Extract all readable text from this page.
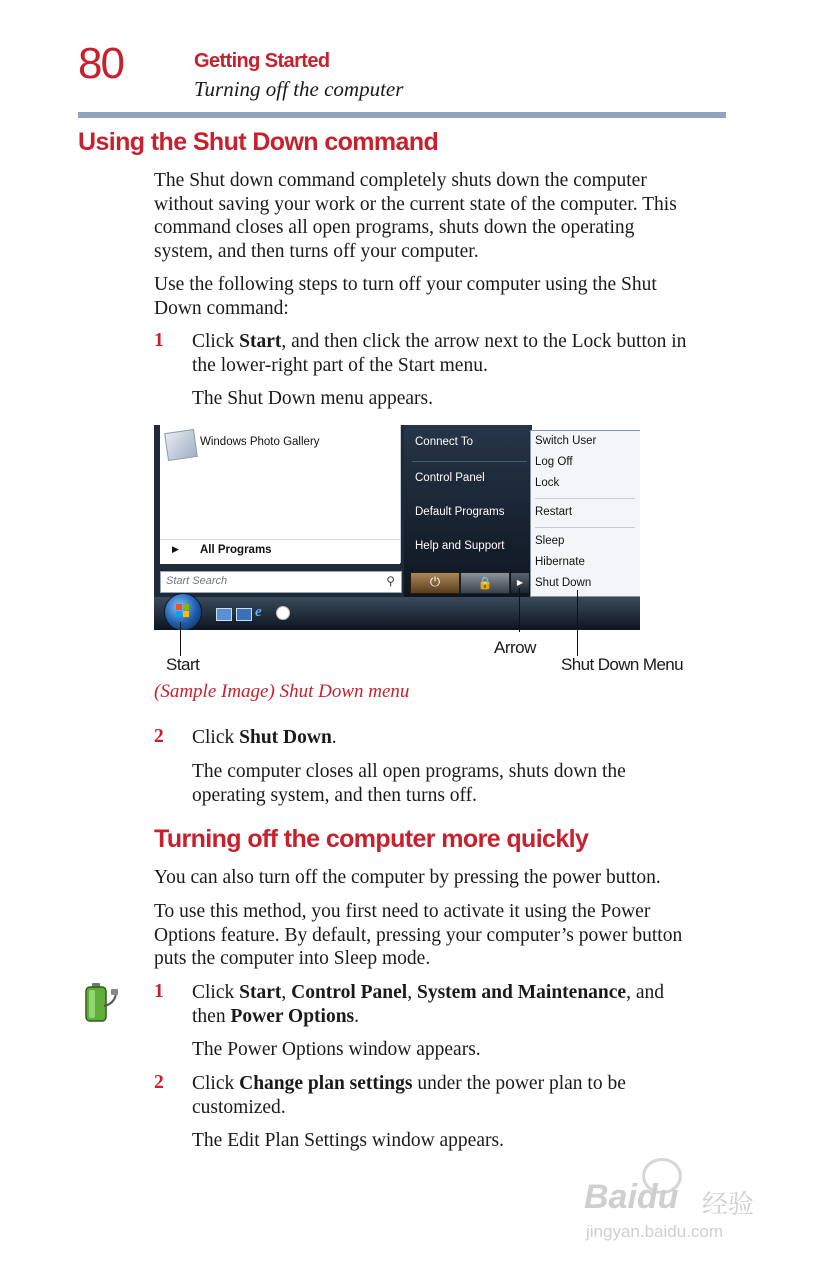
80	Getting Started
Turning off the computer
Using the Shut Down command
The Shut down command completely shuts down the computer
without saving your work or the current state of the computer. This
command closes all open programs, shuts down the operating
system, and then turns off your computer.
Use the following steps to turn off your computer using the Shut
Down command:
1 Click Start, and then click the arrow next to the Lock button in
the lower-right part of the Start menu.
The Shut Down menu appears.
Windows Photo Gallery
▶ All Programs
Start Search	⚲
Connect To
Control Panel
Default Programs
Help and Support
⏻	🔒	▶
Switch User
Log Off
Lock
Restart
Sleep
Hibernate
Shut Down
e
Start
Arrow
Shut Down Menu
(Sample Image) Shut Down menu
2 Click Shut Down.
The computer closes all open programs, shuts down the
operating system, and then turns off.
Turning off the computer more quickly
You can also turn off the computer by pressing the power button.
To use this method, you first need to activate it using the Power
Options feature. By default, pressing your computer’s power button
puts the computer into Sleep mode.
1 Click Start, Control Panel, System and Maintenance, and
then Power Options.
The Power Options window appears.
2 Click Change plan settings under the power plan to be
customized.
The Edit Plan Settings window appears.
Baidu 经验
jingyan.baidu.com
